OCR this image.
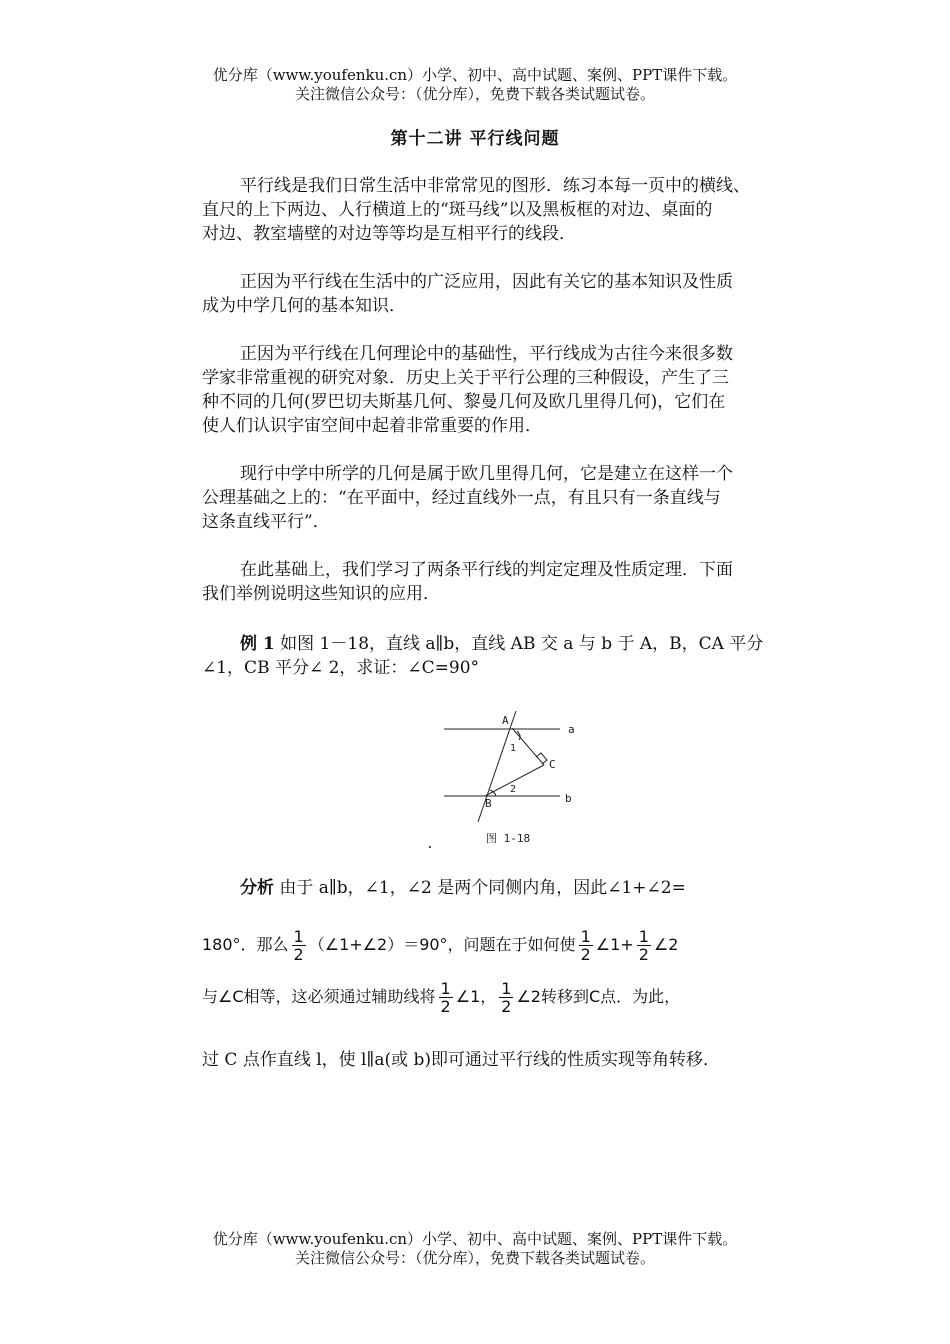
优分库（www.youfenku.cn）小学、初中、高中试题、案例、PPT课件下载。
关注微信公众号：（优分库），免费下载各类试题试卷。
第十二讲 平行线问题
平行线是我们日常生活中非常常见的图形．练习本每一页中的横线、
直尺的上下两边、人行横道上的“斑马线”以及黑板框的对边、桌面的
对边、教室墙壁的对边等等均是互相平行的线段．
正因为平行线在生活中的广泛应用，因此有关它的基本知识及性质
成为中学几何的基本知识．
正因为平行线在几何理论中的基础性，平行线成为古往今来很多数
学家非常重视的研究对象．历史上关于平行公理的三种假设，产生了三
种不同的几何(罗巴切夫斯基几何、黎曼几何及欧几里得几何)，它们在
使人们认识宇宙空间中起着非常重要的作用．
现行中学中所学的几何是属于欧几里得几何，它是建立在这样一个
公理基础之上的：“在平面中，经过直线外一点，有且只有一条直线与
这条直线平行”．
在此基础上，我们学习了两条平行线的判定定理及性质定理．下面
我们举例说明这些知识的应用．
例 1 如图 1－18，直线 a∥b，直线 AB 交 a 与 b 于 A，B，CA 平分
∠1，CB 平分∠ 2，求证：∠C=90°
A
a
1
C
2
B	b
图 1-18
.
分析 由于 a∥b，∠1，∠2 是两个同侧内角，因此∠1+∠2=
180°．那么 $\frac{1}{2}$ （∠1+∠2）＝90°，问题在于如何使 $\frac{1}{2}$ ∠1+ $\frac{1}{2}$ ∠2
与∠C相等，这必须通过辅助线将 $\frac{1}{2}$ ∠1， $\frac{1}{2}$ ∠2转移到C点．为此，
过 C 点作直线 l，使 l∥a(或 b)即可通过平行线的性质实现等角转移．
优分库（www.youfenku.cn）小学、初中、高中试题、案例、PPT课件下载。
关注微信公众号：（优分库），免费下载各类试题试卷。
